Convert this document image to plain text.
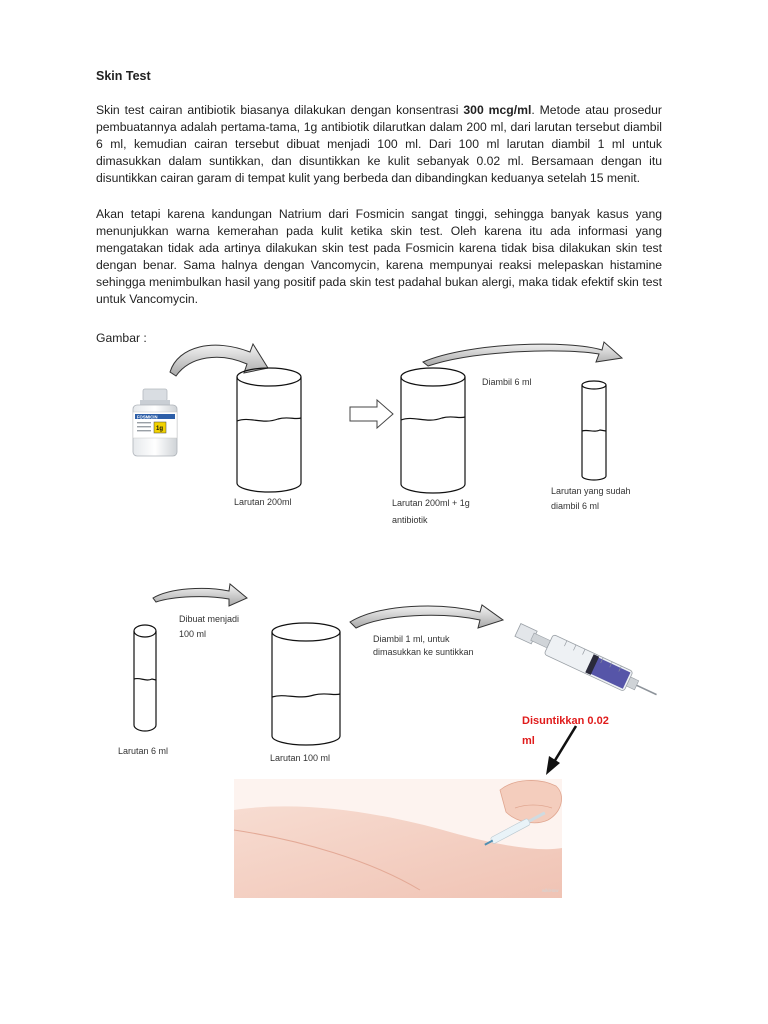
Skin Test

Skin test cairan antibiotik biasanya dilakukan dengan konsentrasi 300 mcg/ml. Metode atau prosedur pembuatannya adalah pertama-tama, 1g antibiotik dilarutkan dalam 200 ml, dari larutan tersebut diambil 6 ml, kemudian cairan tersebut dibuat menjadi 100 ml. Dari 100 ml larutan diambil 1 ml untuk dimasukkan dalam suntikkan, dan disuntikkan ke kulit sebanyak 0.02 ml. Bersamaan dengan itu disuntikkan cairan garam di tempat kulit yang berbeda dan dibandingkan keduanya setelah 15 menit.

Akan tetapi karena kandungan Natrium dari Fosmicin sangat tinggi, sehingga banyak kasus yang menunjukkan warna kemerahan pada kulit ketika skin test. Oleh karena itu ada informasi yang mengatakan tidak ada artinya dilakukan skin test pada Fosmicin karena tidak bisa dilakukan skin test dengan benar. Sama halnya dengan Vancomycin, karena mempunyai reaksi melepaskan histamine sehingga menimbulkan hasil yang positif pada skin test padahal bukan alergi, maka tidak efektif skin test untuk Vancomycin.

Gambar :
FOSMICIN
1g
wikiHow
Larutan 200ml	Larutan 200ml + 1g
antibiotik
Diambil 6 ml
Larutan yang sudah
diambil 6 ml
Dibuat menjadi
100 ml	Diambil 1 ml, untuk
dimasukkan ke suntikkan
Larutan 6 ml
Larutan 100 ml
Disuntikkan 0.02
ml
